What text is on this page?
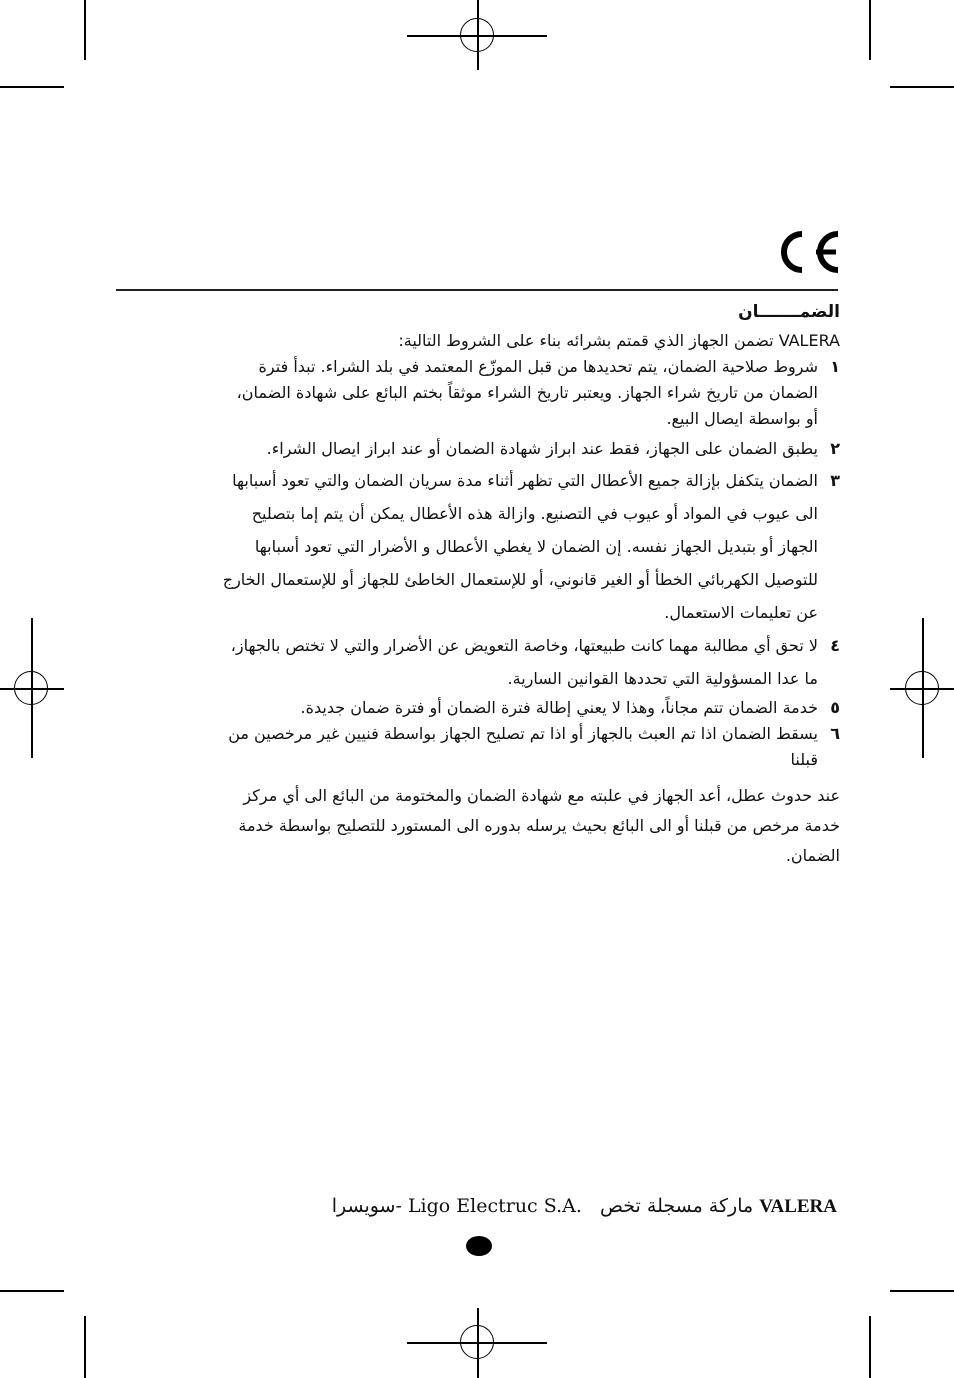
الضمـــــــان

VALERA تضمن الجهاز الذي قمتم بشرائه بناء على الشروط التالية:

١
شروط صلاحية الضمان، يتم تحديدها من قبل الموزّع المعتمد في بلد الشراء. تبدأ فترة الضمان من تاريخ شراء الجهاز. ويعتبر تاريخ الشراء موثقاً بختم البائع على شهادة الضمان، أو بواسطة ايصال البيع.
٢
يطبق الضمان على الجهاز، فقط عند ابراز شهادة الضمان أو عند ابراز ايصال الشراء.
٣
الضمان يتكفل بإزالة جميع الأعطال التي تظهر أثناء مدة سريان الضمان والتي تعود أسبابها الى عيوب في المواد أو عيوب في التصنيع. وازالة هذه الأعطال يمكن أن يتم إما بتصليح الجهاز أو بتبديل الجهاز نفسه. إن الضمان لا يغطي الأعطال و الأضرار التي تعود أسبابها للتوصيل الكهربائي الخطأ أو الغير قانوني، أو للإستعمال الخاطئ للجهاز أو للإستعمال الخارج عن تعليمات الاستعمال.
٤
لا تحق أي مطالبة مهما كانت طبيعتها، وخاصة التعويض عن الأضرار والتي لا تختص بالجهاز، ما عدا المسؤولية التي تحددها القوانين السارية.
٥
خدمة الضمان تتم مجاناً، وهذا لا يعني إطالة فترة الضمان أو فترة ضمان جديدة.
٦
يسقط الضمان اذا تم العبث بالجهاز أو اذا تم تصليح الجهاز بواسطة فنيين غير مرخصين من قبلنا

عند حدوث عطل، أعد الجهاز في علبته مع شهادة الضمان والمختومة من البائع الى أي مركز خدمة مرخص من قبلنا أو الى البائع بحيث يرسله بدوره الى المستورد للتصليح بواسطة خدمة الضمان.

VALERA ماركة مسجلة تخص   Ligo Electruc S.A. -سويسرا
